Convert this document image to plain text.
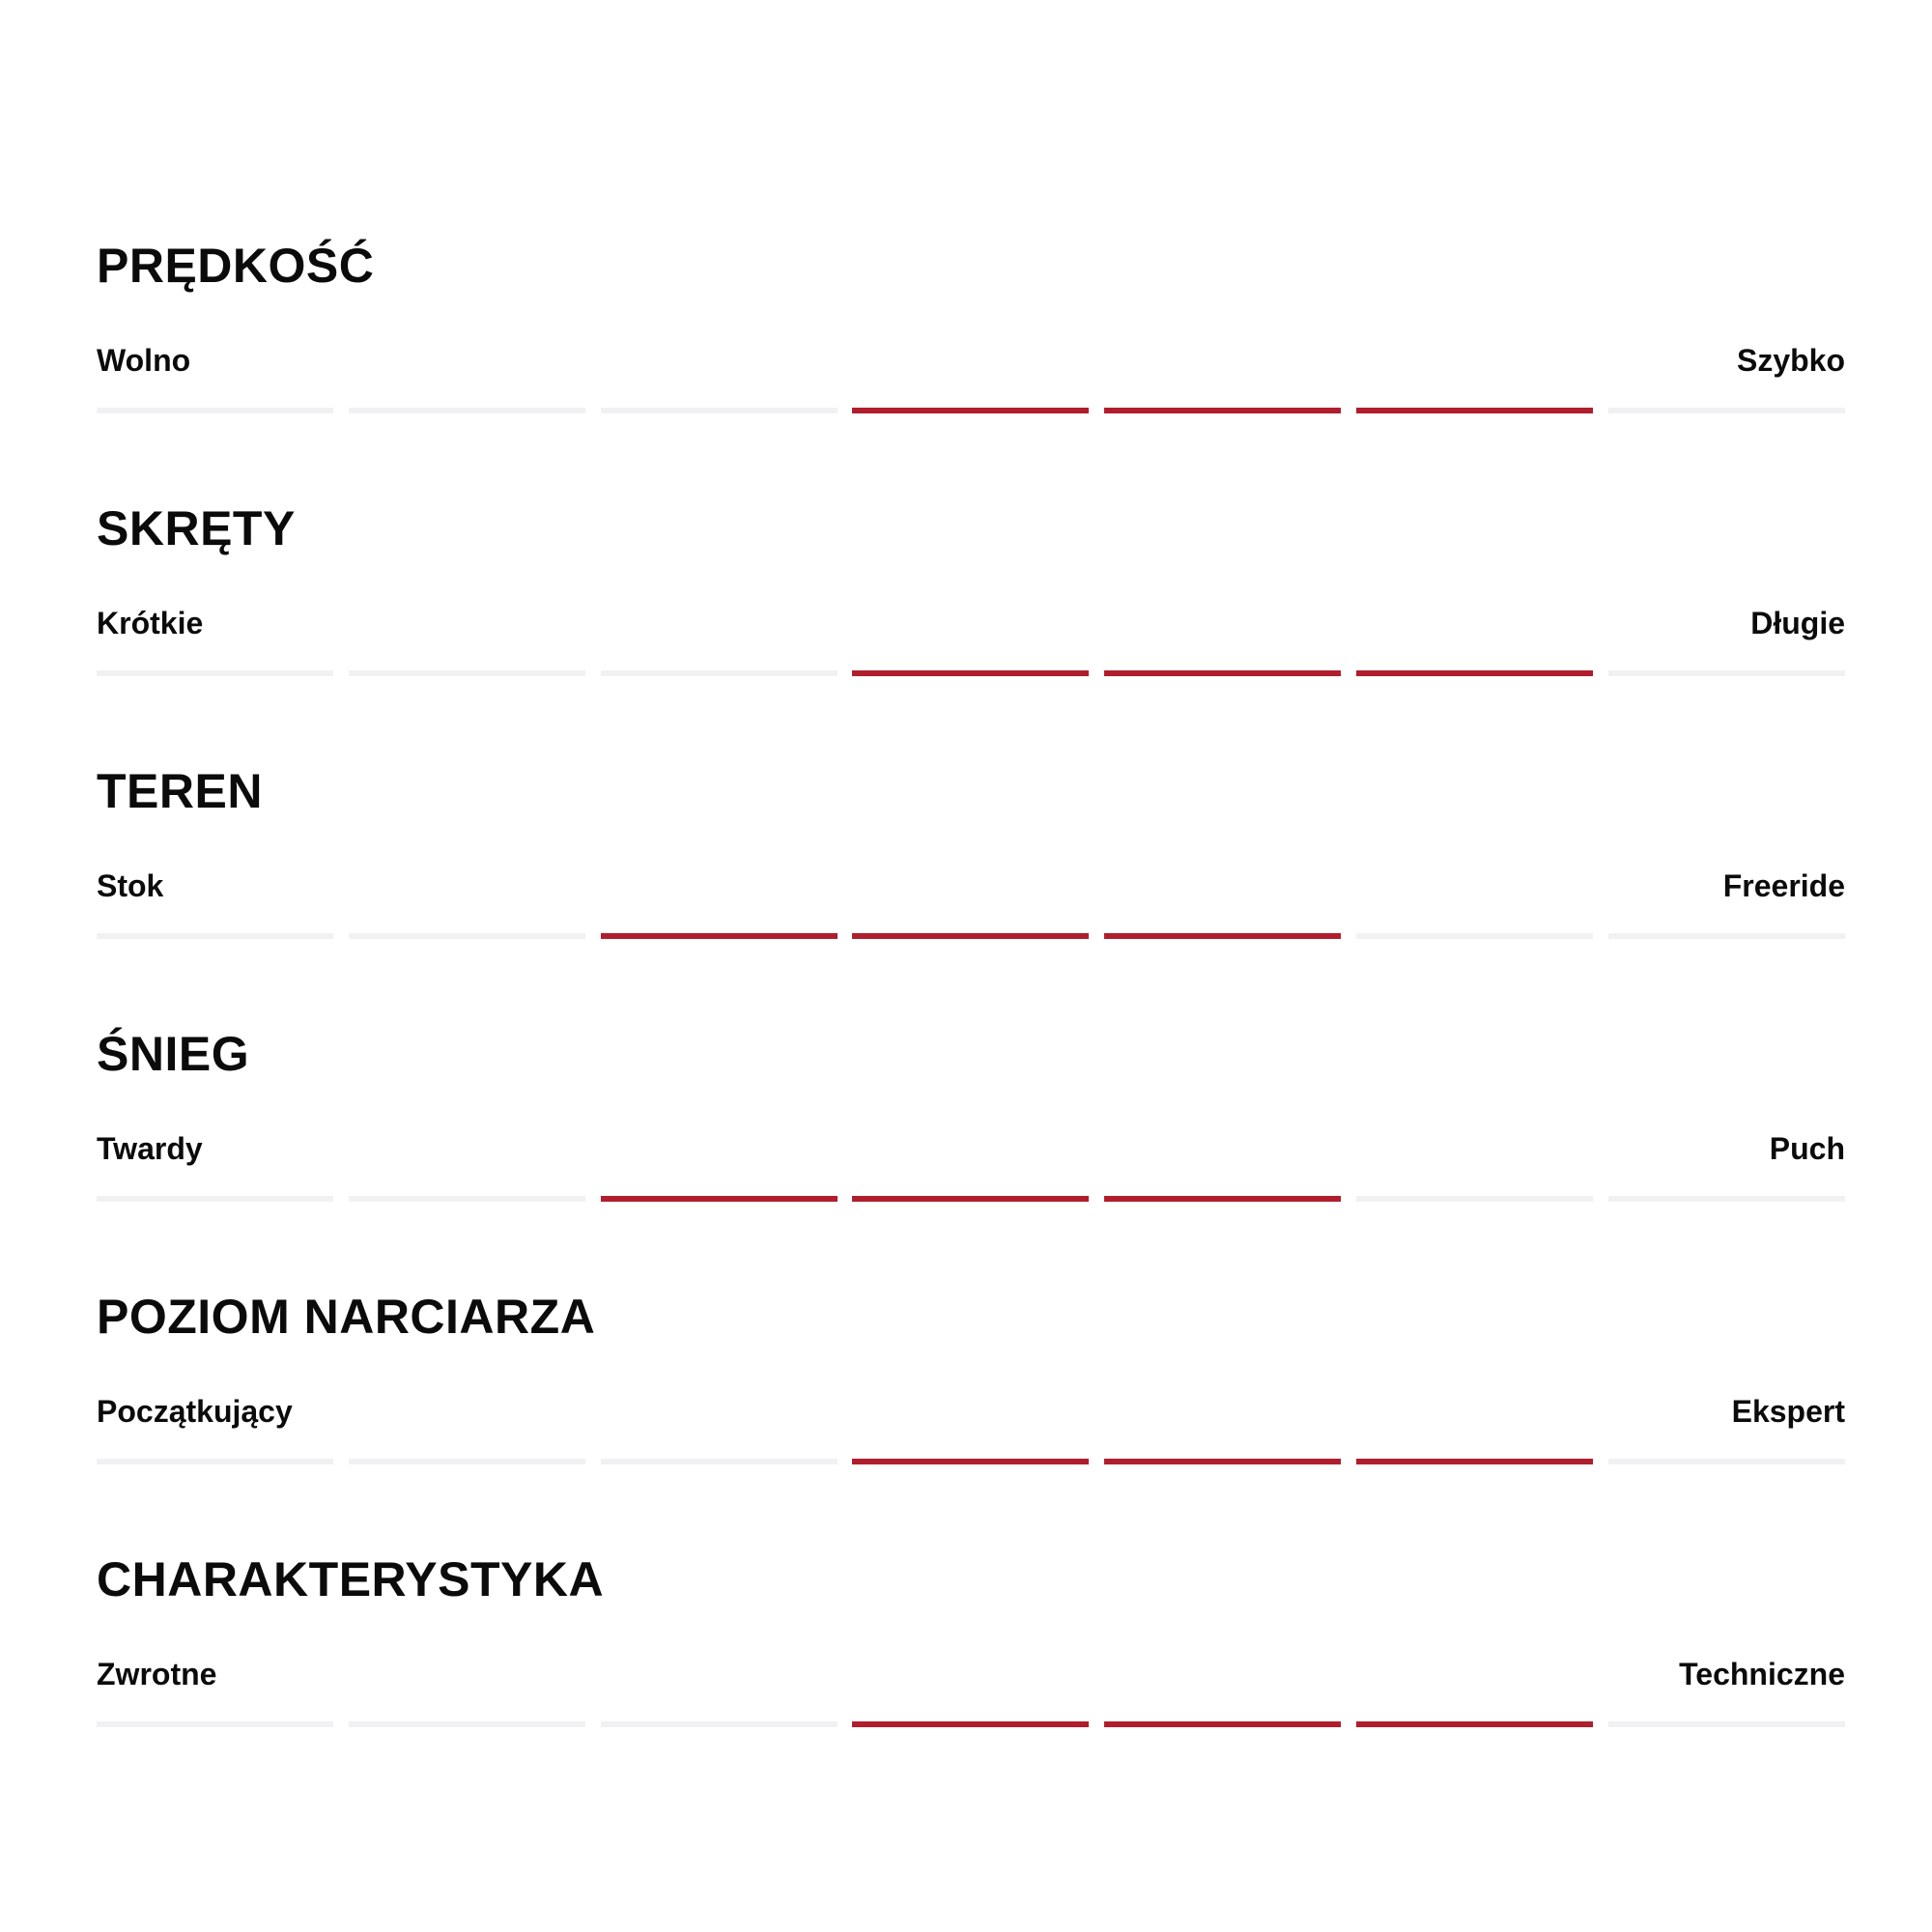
PRĘDKOŚĆ
Wolno	Szybko
SKRĘTY
Krótkie	Długie
TEREN
Stok	Freeride
ŚNIEG
Twardy	Puch
POZIOM NARCIARZA
Początkujący	Ekspert
CHARAKTERYSTYKA
Zwrotne	Techniczne
